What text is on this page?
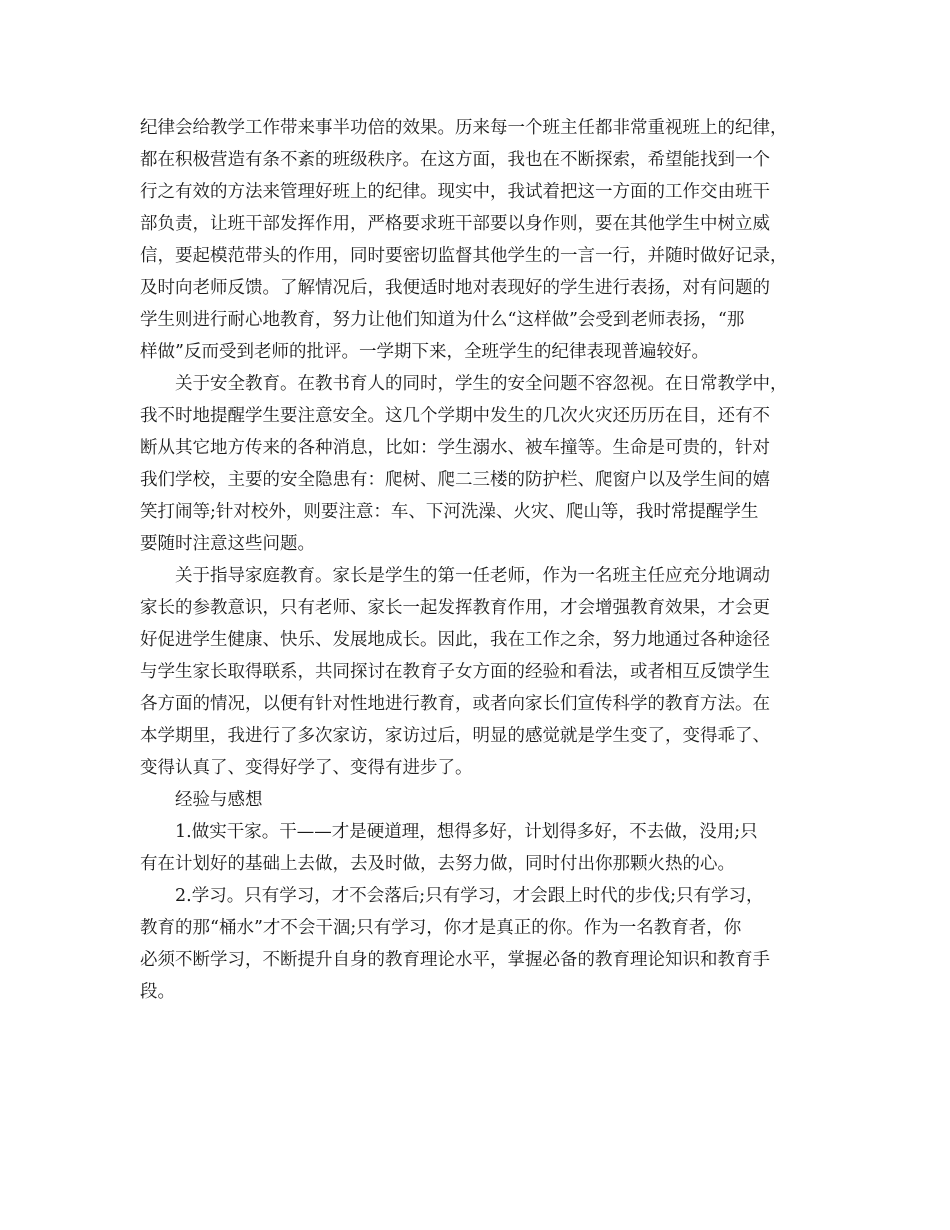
纪律会给教学工作带来事半功倍的效果。历来每一个班主任都非常重视班上的纪律，
都在积极营造有条不紊的班级秩序。在这方面，我也在不断探索，希望能找到一个
行之有效的方法来管理好班上的纪律。现实中，我试着把这一方面的工作交由班干
部负责，让班干部发挥作用，严格要求班干部要以身作则，要在其他学生中树立威
信，要起模范带头的作用，同时要密切监督其他学生的一言一行，并随时做好记录，
及时向老师反馈。了解情况后，我便适时地对表现好的学生进行表扬，对有问题的
学生则进行耐心地教育，努力让他们知道为什么“这样做”会受到老师表扬，“那
样做”反而受到老师的批评。一学期下来，全班学生的纪律表现普遍较好。
　　关于安全教育。在教书育人的同时，学生的安全问题不容忽视。在日常教学中，
我不时地提醒学生要注意安全。这几个学期中发生的几次火灾还历历在目，还有不
断从其它地方传来的各种消息，比如：学生溺水、被车撞等。生命是可贵的，针对
我们学校，主要的安全隐患有：爬树、爬二三楼的防护栏、爬窗户以及学生间的嬉
笑打闹等;针对校外，则要注意：车、下河洗澡、火灾、爬山等，我时常提醒学生
要随时注意这些问题。
　　关于指导家庭教育。家长是学生的第一任老师，作为一名班主任应充分地调动
家长的参教意识，只有老师、家长一起发挥教育作用，才会增强教育效果，才会更
好促进学生健康、快乐、发展地成长。因此，我在工作之余，努力地通过各种途径
与学生家长取得联系，共同探讨在教育子女方面的经验和看法，或者相互反馈学生
各方面的情况，以便有针对性地进行教育，或者向家长们宣传科学的教育方法。在
本学期里，我进行了多次家访，家访过后，明显的感觉就是学生变了，变得乖了、
变得认真了、变得好学了、变得有进步了。
经验与感想
　　1.做实干家。干——才是硬道理，想得多好，计划得多好，不去做，没用;只
有在计划好的基础上去做，去及时做，去努力做，同时付出你那颗火热的心。
　　2.学习。只有学习，才不会落后;只有学习，才会跟上时代的步伐;只有学习，
教育的那“桶水”才不会干涸;只有学习，你才是真正的你。作为一名教育者，你
必须不断学习，不断提升自身的教育理论水平，掌握必备的教育理论知识和教育手
段。
